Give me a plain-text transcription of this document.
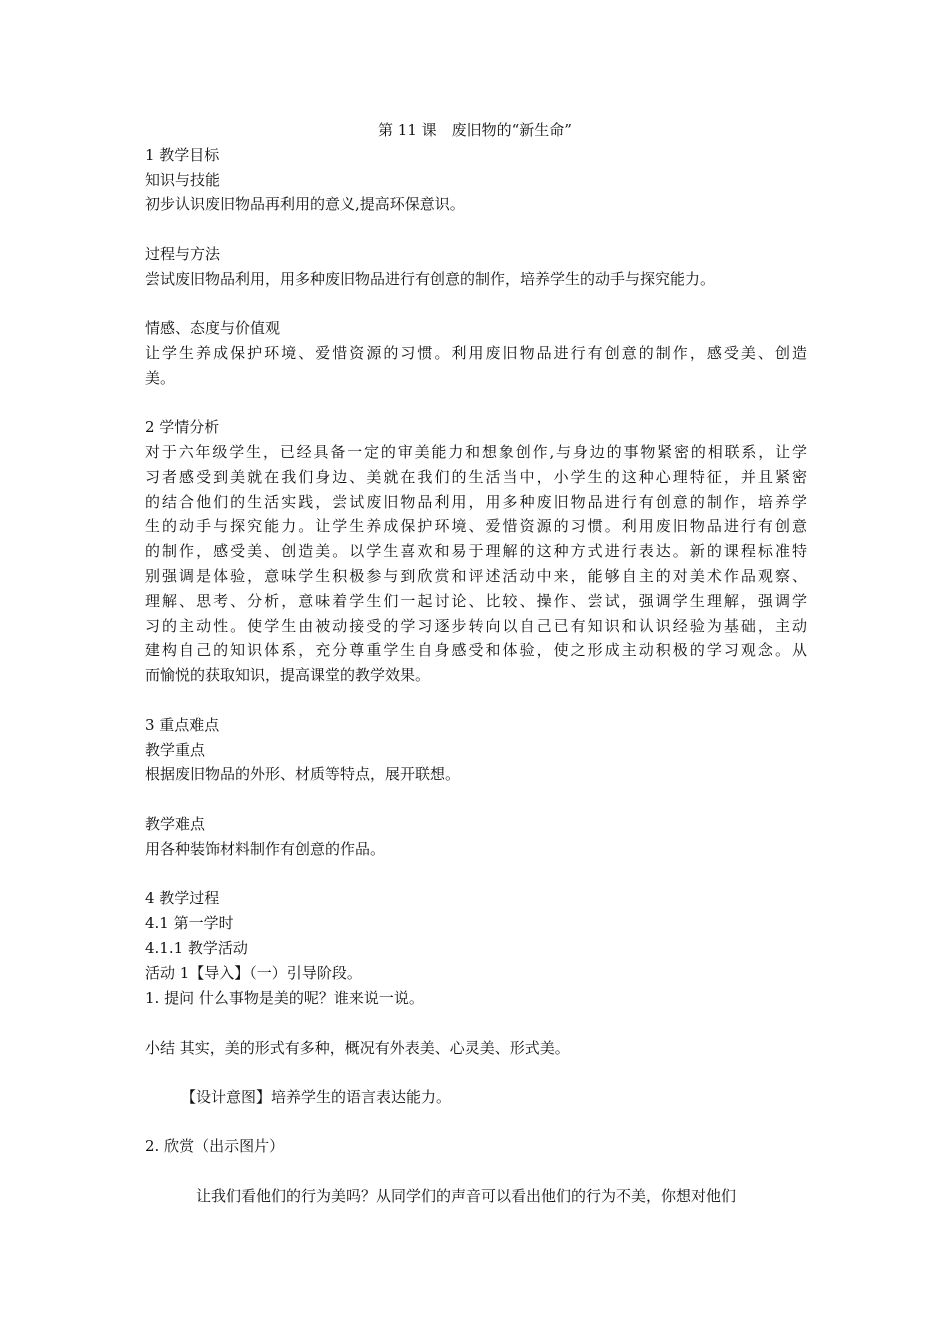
第 11 课　废旧物的“新生命”
1 教学目标
知识与技能
初步认识废旧物品再利用的意义,提高环保意识。
过程与方法
尝试废旧物品利用，用多种废旧物品进行有创意的制作，培养学生的动手与探究能力。
情感、态度与价值观
让学生养成保护环境、爱惜资源的习惯。利用废旧物品进行有创意的制作，感受美、创造
美。
2 学情分析
对于六年级学生，已经具备一定的审美能力和想象创作,与身边的事物紧密的相联系，让学
习者感受到美就在我们身边、美就在我们的生活当中，小学生的这种心理特征，并且紧密
的结合他们的生活实践，尝试废旧物品利用，用多种废旧物品进行有创意的制作，培养学
生的动手与探究能力。让学生养成保护环境、爱惜资源的习惯。利用废旧物品进行有创意
的制作，感受美、创造美。以学生喜欢和易于理解的这种方式进行表达。新的课程标准特
别强调是体验，意味学生积极参与到欣赏和评述活动中来，能够自主的对美术作品观察、
理解、思考、分析，意味着学生们一起讨论、比较、操作、尝试，强调学生理解，强调学
习的主动性。使学生由被动接受的学习逐步转向以自己已有知识和认识经验为基础，主动
建构自己的知识体系，充分尊重学生自身感受和体验，使之形成主动积极的学习观念。从
而愉悦的获取知识，提高课堂的教学效果。
3 重点难点
教学重点
根据废旧物品的外形、材质等特点，展开联想。
教学难点
用各种装饰材料制作有创意的作品。
4 教学过程
4.1 第一学时
4.1.1 教学活动
活动 1【导入】（一）引导阶段。
1. 提问 什么事物是美的呢？谁来说一说。
小结 其实，美的形式有多种，概况有外表美、心灵美、形式美。
【设计意图】培养学生的语言表达能力。
2. 欣赏（出示图片）
让我们看他们的行为美吗？从同学们的声音可以看出他们的行为不美，你想对他们
